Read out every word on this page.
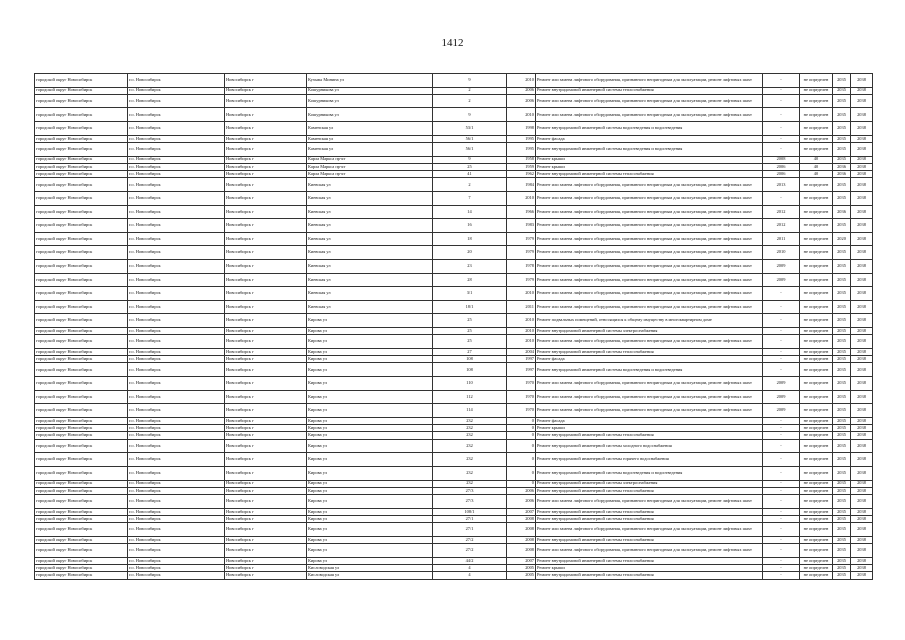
1412
городской округ Новосибирск	г.о. Новосибирск	Новосибирск г	Кузьмы Минина ул	9	2010	Ремонт или замена лифтового оборудования, признанного непригодным для эксплуатации, ремонт лифтовых шахт	-	не определен	2035	2038
городской округ Новосибирск	г.о. Новосибирск	Новосибирск г	Кошурникова ул	2	2006	Ремонт внутридомовой инженерной системы теплоснабжения	-	не определен	2035	2038
городской округ Новосибирск	г.о. Новосибирск	Новосибирск г	Кошурникова ул	2	2006	Ремонт или замена лифтового оборудования, признанного непригодным для эксплуатации, ремонт лифтовых шахт	-	не определен	2035	2038
городской округ Новосибирск	г.о. Новосибирск	Новосибирск г	Кошурникова ул	9	2010	Ремонт или замена лифтового оборудования, признанного непригодным для эксплуатации, ремонт лифтовых шахт	-	не определен	2035	2038
городской округ Новосибирск	г.о. Новосибирск	Новосибирск г	Каменская ул	53/1	1998	Ремонт внутридомовой инженерной системы водоотведения и водоотведения	-	не определен	2035	2038
городской округ Новосибирск	г.о. Новосибирск	Новосибирск г	Каменская ул	56/1	1995	Ремонт фасада	-	не определен	2035	2038
городской округ Новосибирск	г.о. Новосибирск	Новосибирск г	Каменская ул	56/1	1995	Ремонт внутридомовой инженерной системы водоотведения и водоотведения	-	не определен	2035	2038
городской округ Новосибирск	г.о. Новосибирск	Новосибирск г	Карла Маркса пр-кт	9	1958	Ремонт крыши	2008	40	2035	2038
городской округ Новосибирск	г.о. Новосибирск	Новосибирск г	Карла Маркса пр-кт	25	1959	Ремонт крыши	2006	40	2036	2038
городской округ Новосибирск	г.о. Новосибирск	Новосибирск г	Карла Маркса пр-кт	41	1962	Ремонт внутридомовой инженерной системы теплоснабжения	2006	40	2036	2038
городской округ Новосибирск	г.о. Новосибирск	Новосибирск г	Киевская ул	2	1984	Ремонт или замена лифтового оборудования, признанного непригодным для эксплуатации, ремонт лифтовых шахт	2013	не определен	2035	2038
городской округ Новосибирск	г.о. Новосибирск	Новосибирск г	Киевская ул	7	2010	Ремонт или замена лифтового оборудования, признанного непригодным для эксплуатации, ремонт лифтовых шахт	-	не определен	2035	2038
городской округ Новосибирск	г.о. Новосибирск	Новосибирск г	Киевская ул	14	1966	Ремонт или замена лифтового оборудования, признанного непригодным для эксплуатации, ремонт лифтовых шахт	2012	не определен	2036	2038
городской округ Новосибирск	г.о. Новосибирск	Новосибирск г	Киевская ул	16	1983	Ремонт или замена лифтового оборудования, признанного непригодным для эксплуатации, ремонт лифтовых шахт	2012	не определен	2035	2038
городской округ Новосибирск	г.о. Новосибирск	Новосибирск г	Киевская ул	18	1979	Ремонт или замена лифтового оборудования, признанного непригодным для эксплуатации, ремонт лифтовых шахт	2011	не определен	2020	2038
городской округ Новосибирск	г.о. Новосибирск	Новосибирск г	Киевская ул	20	1979	Ремонт или замена лифтового оборудования, признанного непригодным для эксплуатации, ремонт лифтовых шахт	2010	не определен	2035	2038
городской округ Новосибирск	г.о. Новосибирск	Новосибирск г	Киевская ул	23	1978	Ремонт или замена лифтового оборудования, признанного непригодным для эксплуатации, ремонт лифтовых шахт	2009	не определен	2035	2038
городской округ Новосибирск	г.о. Новосибирск	Новосибирск г	Киевская ул	28	1979	Ремонт или замена лифтового оборудования, признанного непригодным для эксплуатации, ремонт лифтовых шахт	2009	не определен	2035	2038
городской округ Новосибирск	г.о. Новосибирск	Новосибирск г	Киевская ул	3/1	2010	Ремонт или замена лифтового оборудования, признанного непригодным для эксплуатации, ремонт лифтовых шахт	-	не определен	2035	2038
городской округ Новосибирск	г.о. Новосибирск	Новосибирск г	Киевская ул	18/1	2011	Ремонт или замена лифтового оборудования, признанного непригодным для эксплуатации, ремонт лифтовых шахт	-	не определен	2035	2038
городской округ Новосибирск	г.о. Новосибирск	Новосибирск г	Кирова ул	25	2010	Ремонт подвальных помещений, относящихся к общему имуществу в многоквартирном доме	-	не определен	2035	2038
городской округ Новосибирск	г.о. Новосибирск	Новосибирск г	Кирова ул	25	2010	Ремонт внутридомовой инженерной системы электроснабжения	-	не определен	2035	2038
городской округ Новосибирск	г.о. Новосибирск	Новосибирск г	Кирова ул	25	2010	Ремонт или замена лифтового оборудования, признанного непригодным для эксплуатации, ремонт лифтовых шахт	-	не определен	2035	2038
городской округ Новосибирск	г.о. Новосибирск	Новосибирск г	Кирова ул	27	2004	Ремонт внутридомовой инженерной системы теплоснабжения	-	не определен	2035	2038
городской округ Новосибирск	г.о. Новосибирск	Новосибирск г	Кирова ул	108	1997	Ремонт фасада	-	не определен	2035	2038
городской округ Новосибирск	г.о. Новосибирск	Новосибирск г	Кирова ул	108	1997	Ремонт внутридомовой инженерной системы водоотведения и водоотведения	-	не определен	2035	2038
городской округ Новосибирск	г.о. Новосибирск	Новосибирск г	Кирова ул	110	1970	Ремонт или замена лифтового оборудования, признанного непригодным для эксплуатации, ремонт лифтовых шахт	2009	не определен	2035	2038
городской округ Новосибирск	г.о. Новосибирск	Новосибирск г	Кирова ул	112	1970	Ремонт или замена лифтового оборудования, признанного непригодным для эксплуатации, ремонт лифтовых шахт	2009	не определен	2035	2038
городской округ Новосибирск	г.о. Новосибирск	Новосибирск г	Кирова ул	114	1970	Ремонт или замена лифтового оборудования, признанного непригодным для эксплуатации, ремонт лифтовых шахт	2009	не определен	2035	2038
городской округ Новосибирск	г.о. Новосибирск	Новосибирск г	Кирова ул	232	0	Ремонт фасада	-	не определен	2035	2038
городской округ Новосибирск	г.о. Новосибирск	Новосибирск г	Кирова ул	232	0	Ремонт крыши	-	не определен	2035	2038
городской округ Новосибирск	г.о. Новосибирск	Новосибирск г	Кирова ул	232	0	Ремонт внутридомовой инженерной системы теплоснабжения	-	не определен	2035	2038
городской округ Новосибирск	г.о. Новосибирск	Новосибирск г	Кирова ул	232	0	Ремонт внутридомовой инженерной системы холодного водоснабжения	-	не определен	2035	2038
городской округ Новосибирск	г.о. Новосибирск	Новосибирск г	Кирова ул	232	0	Ремонт внутридомовой инженерной системы горячего водоснабжения	-	не определен	2035	2038
городской округ Новосибирск	г.о. Новосибирск	Новосибирск г	Кирова ул	232	0	Ремонт внутридомовой инженерной системы водоотведения и водоотведения	-	не определен	2035	2038
городской округ Новосибирск	г.о. Новосибирск	Новосибирск г	Кирова ул	232	0	Ремонт внутридомовой инженерной системы электроснабжения	-	не определен	2035	2038
городской округ Новосибирск	г.о. Новосибирск	Новосибирск г	Кирова ул	27/3	2006	Ремонт внутридомовой инженерной системы теплоснабжения	-	не определен	2035	2038
городской округ Новосибирск	г.о. Новосибирск	Новосибирск г	Кирова ул	27/3	2006	Ремонт или замена лифтового оборудования, признанного непригодным для эксплуатации, ремонт лифтовых шахт	-	не определен	2035	2038
городской округ Новосибирск	г.о. Новосибирск	Новосибирск г	Кирова ул	108/1	2007	Ремонт внутридомовой инженерной системы теплоснабжения	-	не определен	2035	2038
городской округ Новосибирск	г.о. Новосибирск	Новосибирск г	Кирова ул	27/1	2008	Ремонт внутридомовой инженерной системы теплоснабжения	-	не определен	2035	2038
городской округ Новосибирск	г.о. Новосибирск	Новосибирск г	Кирова ул	27/1	2008	Ремонт или замена лифтового оборудования, признанного непригодным для эксплуатации, ремонт лифтовых шахт	-	не определен	2035	2038
городской округ Новосибирск	г.о. Новосибирск	Новосибирск г	Кирова ул	27/2	2008	Ремонт внутридомовой инженерной системы теплоснабжения	-	не определен	2035	2038
городской округ Новосибирск	г.о. Новосибирск	Новосибирск г	Кирова ул	27/2	2008	Ремонт или замена лифтового оборудования, признанного непригодным для эксплуатации, ремонт лифтовых шахт	-	не определен	2035	2038
городской округ Новосибирск	г.о. Новосибирск	Новосибирск г	Кирова ул	44/2	2007	Ремонт внутридомовой инженерной системы теплоснабжения	-	не определен	2035	2038
городской округ Новосибирск	г.о. Новосибирск	Новосибирск г	Кисловодская ул	4	2005	Ремонт крыши	-	не определен	2035	2038
городской округ Новосибирск	г.о. Новосибирск	Новосибирск г	Кисловодская ул	4	2005	Ремонт внутридомовой инженерной системы теплоснабжения	-	не определен	2035	2038
